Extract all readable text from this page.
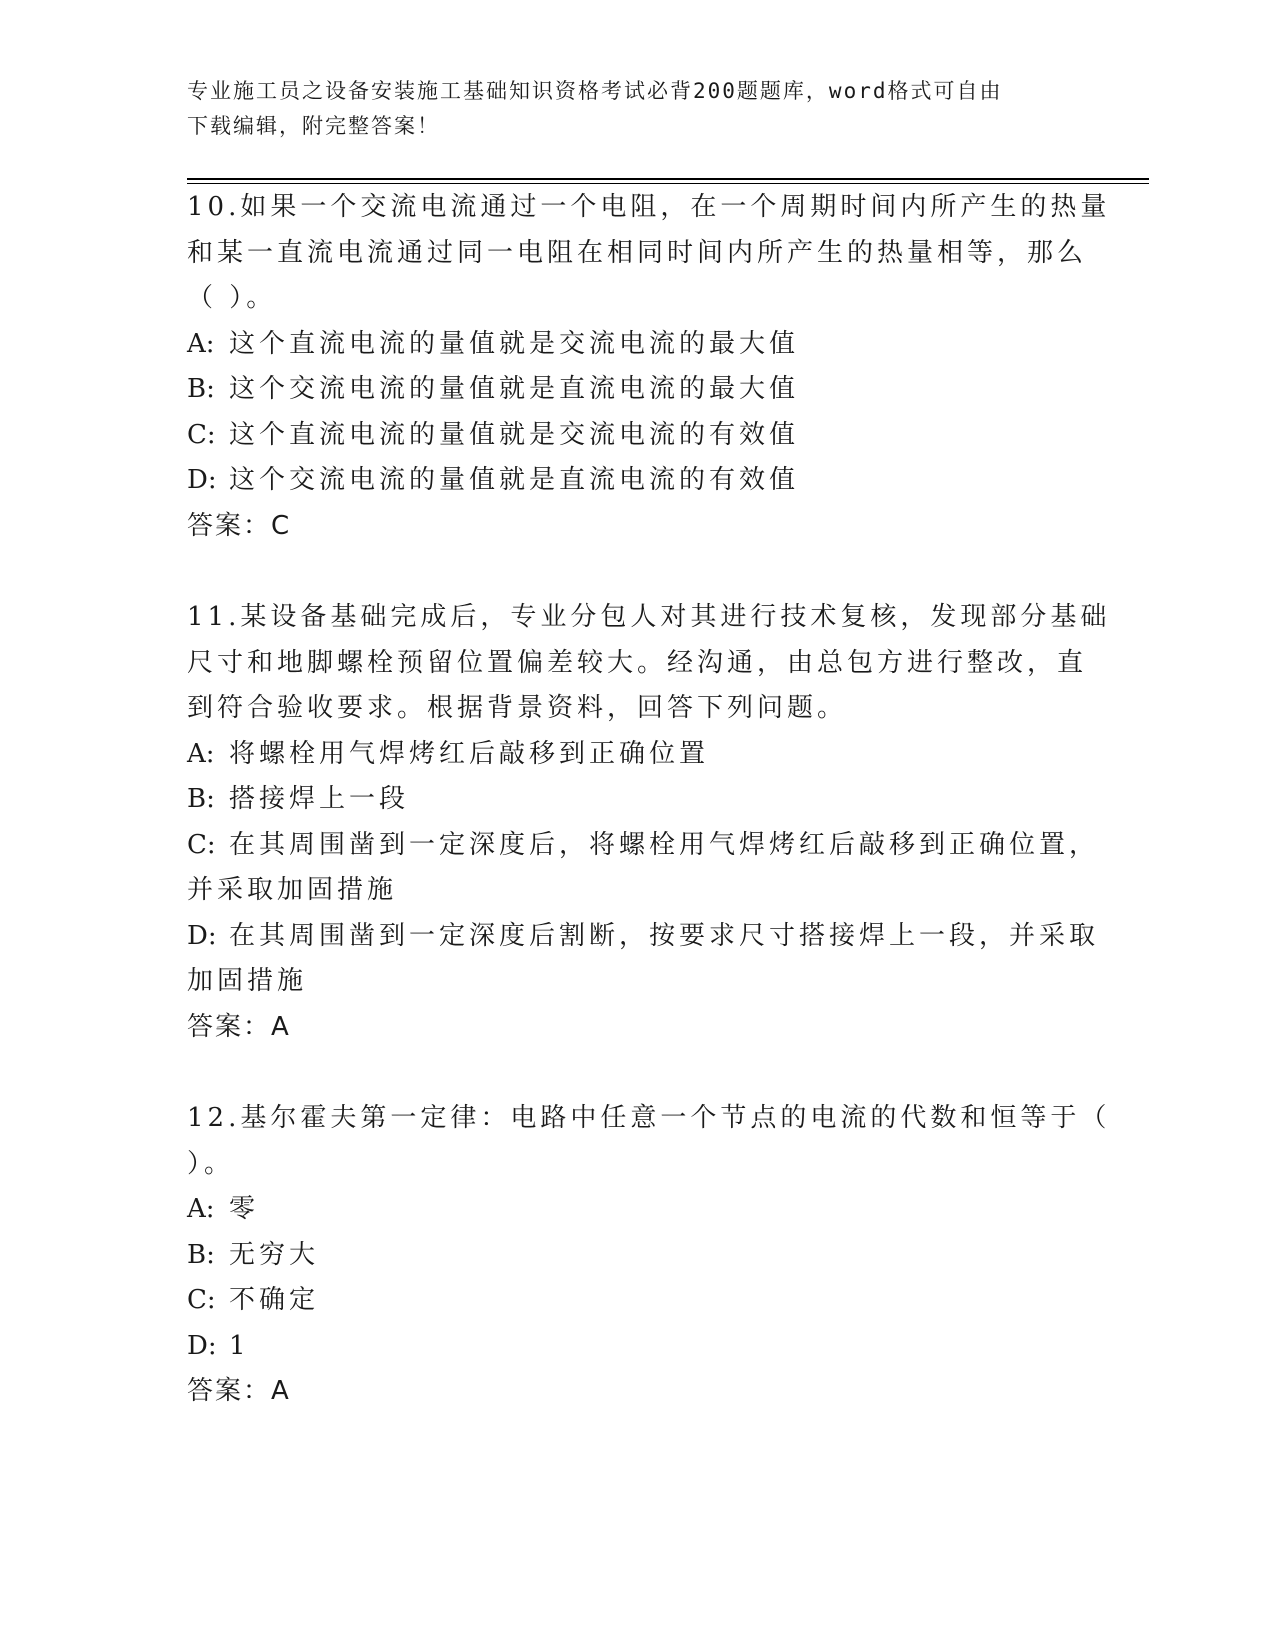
专业施工员之设备安装施工基础知识资格考试必背200题题库，word格式可自由
下载编辑，附完整答案！
10.如果一个交流电流通过一个电阻，在一个周期时间内所产生的热量
和某一直流电流通过同一电阻在相同时间内所产生的热量相等，那么
（ ）。
A: 这个直流电流的量值就是交流电流的最大值
B: 这个交流电流的量值就是直流电流的最大值
C: 这个直流电流的量值就是交流电流的有效值
D: 这个交流电流的量值就是直流电流的有效值
答案：C
11.某设备基础完成后，专业分包人对其进行技术复核，发现部分基础
尺寸和地脚螺栓预留位置偏差较大。经沟通，由总包方进行整改，直
到符合验收要求。根据背景资料，回答下列问题。
A: 将螺栓用气焊烤红后敲移到正确位置
B: 搭接焊上一段
C: 在其周围凿到一定深度后，将螺栓用气焊烤红后敲移到正确位置，
并采取加固措施
D: 在其周围凿到一定深度后割断，按要求尺寸搭接焊上一段，并采取
加固措施
答案：A
12.基尔霍夫第一定律：电路中任意一个节点的电流的代数和恒等于（
）。
A: 零
B: 无穷大
C: 不确定
D: 1
答案：A
